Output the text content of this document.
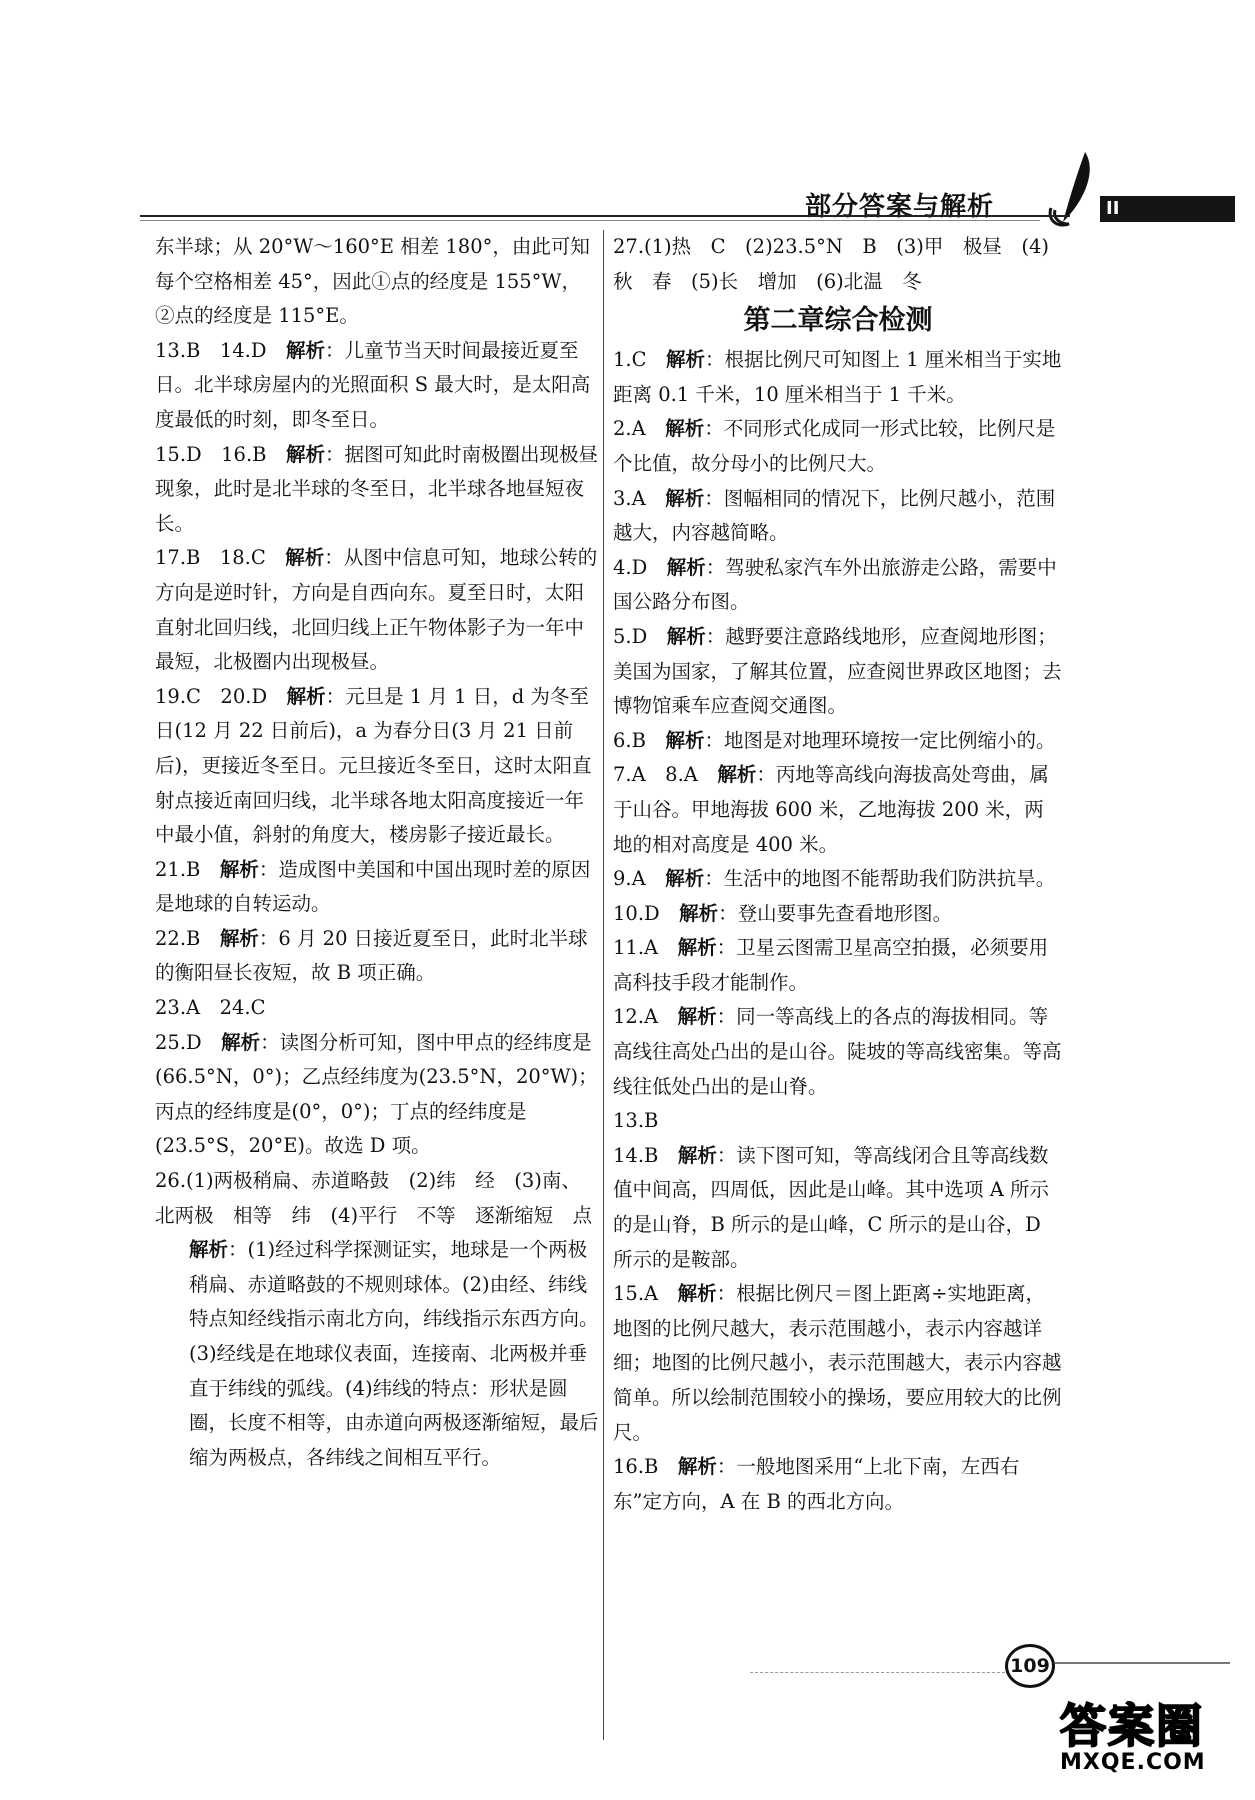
部分答案与解析	II

东半球；从 20°W～160°E 相差 180°，由此可知每个空格相差 45°，因此①点的经度是 155°W，②点的经度是 115°E。

13.B　14.D　解析：儿童节当天时间最接近夏至日。北半球房屋内的光照面积 S 最大时，是太阳高度最低的时刻，即冬至日。

15.D　16.B　解析：据图可知此时南极圈出现极昼现象，此时是北半球的冬至日，北半球各地昼短夜长。

17.B　18.C　解析：从图中信息可知，地球公转的方向是逆时针，方向是自西向东。夏至日时，太阳直射北回归线，北回归线上正午物体影子为一年中最短，北极圈内出现极昼。

19.C　20.D　解析：元旦是 1 月 1 日，d 为冬至日(12 月 22 日前后)，a 为春分日(3 月 21 日前后)，更接近冬至日。元旦接近冬至日，这时太阳直射点接近南回归线，北半球各地太阳高度接近一年中最小值，斜射的角度大，楼房影子接近最长。

21.B　解析：造成图中美国和中国出现时差的原因是地球的自转运动。

22.B　解析：6 月 20 日接近夏至日，此时北半球的衡阳昼长夜短，故 B 项正确。

23.A　24.C

25.D　解析：读图分析可知，图中甲点的经纬度是(66.5°N，0°)；乙点经纬度为(23.5°N，20°W)；丙点的经纬度是(0°，0°)；丁点的经纬度是(23.5°S，20°E)。故选 D 项。

26.(1)两极稍扁、赤道略鼓　(2)纬　经　(3)南、北两极　相等　纬　(4)平行　不等　逐渐缩短　点

解析：(1)经过科学探测证实，地球是一个两极稍扁、赤道略鼓的不规则球体。(2)由经、纬线特点知经线指示南北方向，纬线指示东西方向。(3)经线是在地球仪表面，连接南、北两极并垂直于纬线的弧线。(4)纬线的特点：形状是圆圈，长度不相等，由赤道向两极逐渐缩短，最后缩为两极点，各纬线之间相互平行。

27.(1)热　C　(2)23.5°N　B　(3)甲　极昼　(4)秋　春　(5)长　增加　(6)北温　冬

第二章综合检测

1.C　解析：根据比例尺可知图上 1 厘米相当于实地距离 0.1 千米，10 厘米相当于 1 千米。

2.A　解析：不同形式化成同一形式比较，比例尺是个比值，故分母小的比例尺大。

3.A　解析：图幅相同的情况下，比例尺越小，范围越大，内容越简略。

4.D　解析：驾驶私家汽车外出旅游走公路，需要中国公路分布图。

5.D　解析：越野要注意路线地形，应查阅地形图；美国为国家，了解其位置，应查阅世界政区地图；去博物馆乘车应查阅交通图。

6.B　解析：地图是对地理环境按一定比例缩小的。

7.A　8.A　解析：丙地等高线向海拔高处弯曲，属于山谷。甲地海拔 600 米，乙地海拔 200 米，两地的相对高度是 400 米。

9.A　解析：生活中的地图不能帮助我们防洪抗旱。

10.D　解析：登山要事先查看地形图。

11.A　解析：卫星云图需卫星高空拍摄，必须要用高科技手段才能制作。

12.A　解析：同一等高线上的各点的海拔相同。等高线往高处凸出的是山谷。陡坡的等高线密集。等高线往低处凸出的是山脊。

13.B

14.B　解析：读下图可知，等高线闭合且等高线数值中间高，四周低，因此是山峰。其中选项 A 所示的是山脊，B 所示的是山峰，C 所示的是山谷，D 所示的是鞍部。

15.A　解析：根据比例尺＝图上距离÷实地距离，地图的比例尺越大，表示范围越小，表示内容越详细；地图的比例尺越小，表示范围越大，表示内容越简单。所以绘制范围较小的操场，要应用较大的比例尺。

16.B　解析：一般地图采用“上北下南，左西右东”定方向，A 在 B 的西北方向。

109
答案圈
MXQE.COM
